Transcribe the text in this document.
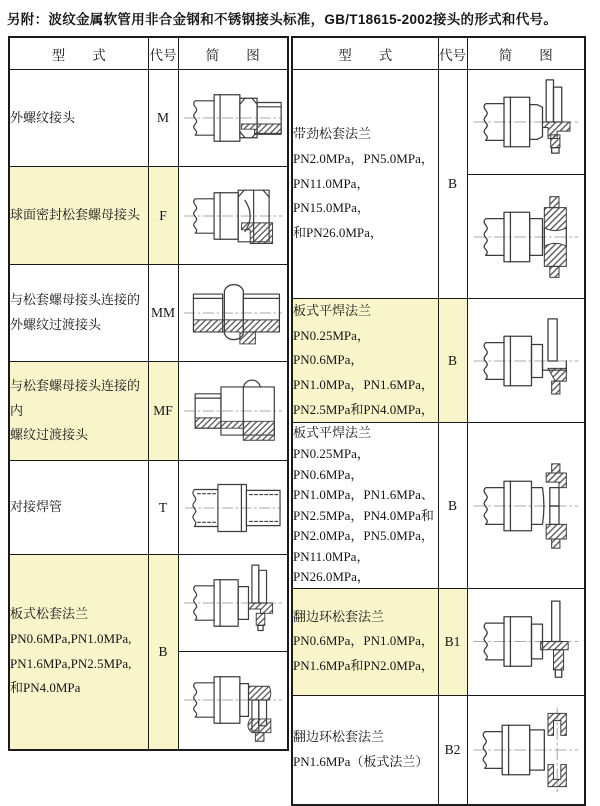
另附：波纹金属软管用非合金钢和不锈钢接头标准，GB/T18615-2002接头的形式和代号。
型　　式	代号	简　　图
外螺纹接头	M	

球面密封松套螺母接头	F	

与松套螺母接头连接的
外螺纹过渡接头	MM	

与松套螺母接头连接的内
螺纹过渡接头	MF	

对接焊管	T	

板式松套法兰
PN0.6MPa,PN1.0MPa,
PN1.6MPa,PN2.5MPa,
和PN4.0MPa	B	

型　　式	代号	简　　图
带劲松套法兰
PN2.0MPa，PN5.0MPa，
PN11.0MPa，PN15.0MPa，
和PN26.0MPa，	B	

板式平焊法兰
PN0.25MPa，PN0.6MPa，
PN1.0MPa，PN1.6MPa，
PN2.5MPa和PN4.0MPa，	B	

板式平焊法兰
PN0.25MPa，PN0.6MPa，
PN1.0MPa，PN1.6MPa、
PN2.5MPa，PN4.0MPa和
PN2.0MPa，PN5.0MPa，
PN11.0MPa，PN26.0MPa，	B	

翻边环松套法兰
PN0.6MPa，PN1.0MPa，
PN1.6MPa和PN2.0MPa，	B1	

翻边环松套法兰
PN1.6MPa（板式法兰）	B2	
